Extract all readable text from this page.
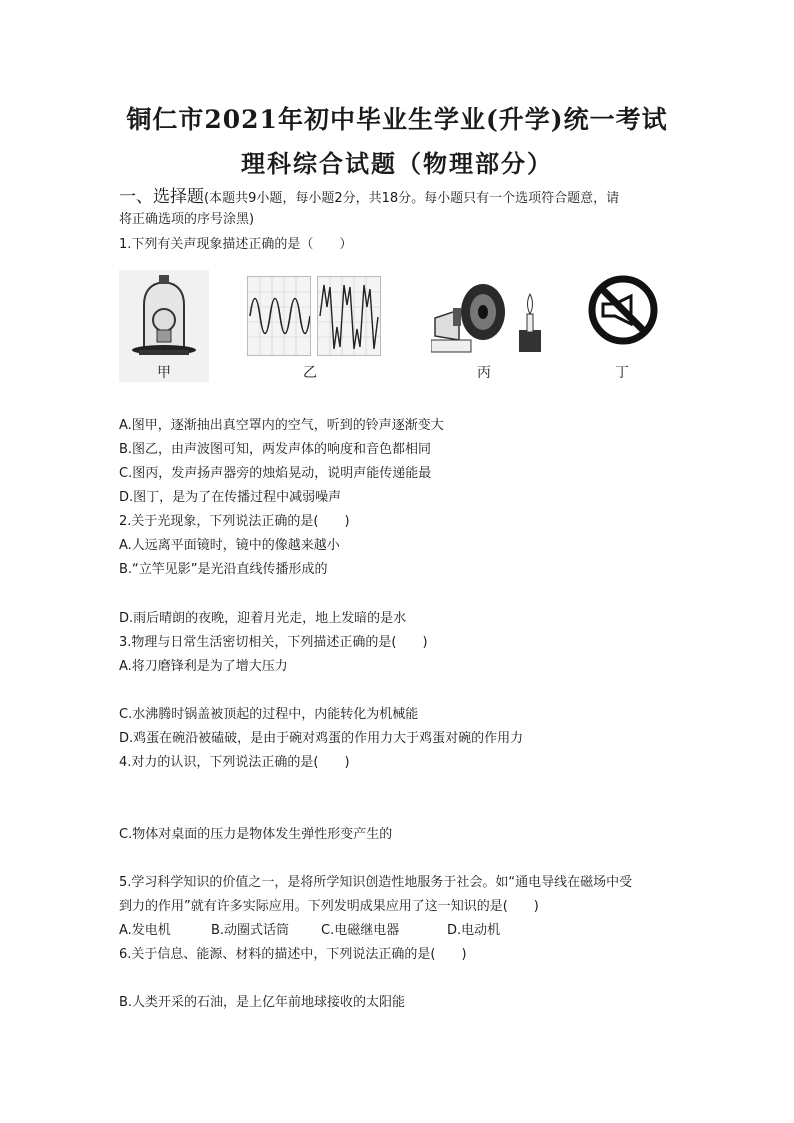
铜仁市2021年初中毕业生学业(升学)统一考试
理科综合试题（物理部分）
一、选择题(本题共9小题，每小题2分，共18分。每小题只有一个选项符合题意，请
将正确选项的序号涂黑)
1.下列有关声现象描述正确的是（　　）
甲	乙	丙	丁
A.图甲，逐渐抽出真空罩内的空气，听到的铃声逐渐变大
B.图乙，由声波图可知，两发声体的响度和音色都相同
C.图丙，发声扬声器旁的烛焰晃动，说明声能传递能最
D.图丁，是为了在传播过程中减弱噪声
2.关于光现象，下列说法正确的是(　　)
A.人远离平面镜时，镜中的像越来越小
B.“立竿见影”是光沿直线传播形成的
D.雨后晴朗的夜晚，迎着月光走，地上发暗的是水
3.物理与日常生活密切相关，下列描述正确的是(　　)
A.将刀磨锋利是为了增大压力
C.水沸腾时锅盖被顶起的过程中，内能转化为机械能
D.鸡蛋在碗沿被磕破，是由于碗对鸡蛋的作用力大于鸡蛋对碗的作用力
4.对力的认识，下列说法正确的是(　　)
C.物体对桌面的压力是物体发生弹性形变产生的
5.学习科学知识的价值之一，是将所学知识创造性地服务于社会。如“通电导线在磁场中受
到力的作用”就有许多实际应用。下列发明成果应用了这一知识的是(　　)
A.发电机	B.动圈式话筒 C.电磁继电器	D.电动机
6.关于信息、能源、材料的描述中，下列说法正确的是(　　)
B.人类开采的石油，是上亿年前地球接收的太阳能
